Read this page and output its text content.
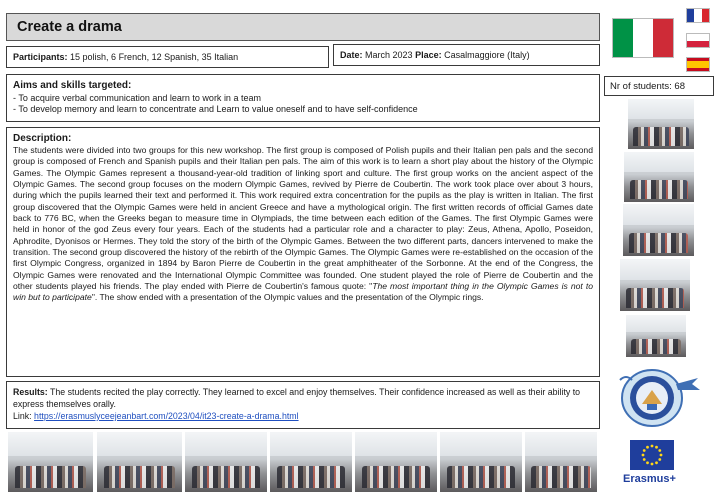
Create a drama
Participants: 15 polish, 6 French, 12 Spanish, 35 Italian	Date: March 2023 Place: Casalmaggiore (Italy)
Aims and skills targeted:
- To acquire verbal communication and learn to work in a team
- To develop memory and learn to concentrate and Learn to value oneself and to have self-confidence
Description:
The students were divided into two groups for this new workshop. The first group is composed of Polish pupils and their Italian pen pals and the second group is composed of French and Spanish pupils and their Italian pen pals. The aim of this work is to learn a short play about the history of the Olympic Games. The Olympic Games represent a thousand-year-old tradition of linking sport and culture. The first group works on the ancient aspect of the Olympic Games. The second group focuses on the modern Olympic Games, revived by Pierre de Coubertin. The work took place over about 3 hours, during which the pupils learned their text and performed it. This work required extra concentration for the pupils as the play is written in Italian. The first group discovered that the Olympic Games were held in ancient Greece and have a mythological origin. The first written records of official Games date back to 776 BC, when the Greeks began to measure time in Olympiads, the time between each edition of the Games. The first Olympic Games were held in honor of the god Zeus every four years. Each of the students had a particular role and a character to play: Zeus, Athena, Apollo, Poseidon, Aphrodite, Dyonisos or Hermes. They told the story of the birth of the Olympic Games. Between the two different parts, dancers intervened to make the transition. The second group discovered the history of the rebirth of the Olympic Games. The Olympic Games were re-established on the occasion of the first Olympic Congress, organized in 1894 by Baron Pierre de Coubertin in the great amphitheater of the Sorbonne. At the end of the Congress, the Olympic Games were renovated and the International Olympic Committee was founded. One student played the role of Pierre de Coubertin and the other students played his friends. The play ended with Pierre de Coubertin's famous quote: "The most important thing in the Olympic Games is not to win but to participate". The show ended with a presentation of the Olympic values and the presentation of the Olympic rings.
Results: The students recited the play correctly. They learned to excel and enjoy themselves. Their confidence increased as well as their ability to express themselves orally.
Link: https://erasmuslyceejeanbart.com/2023/04/it23-create-a-drama.html
Nr of students: 68
Erasmus+
